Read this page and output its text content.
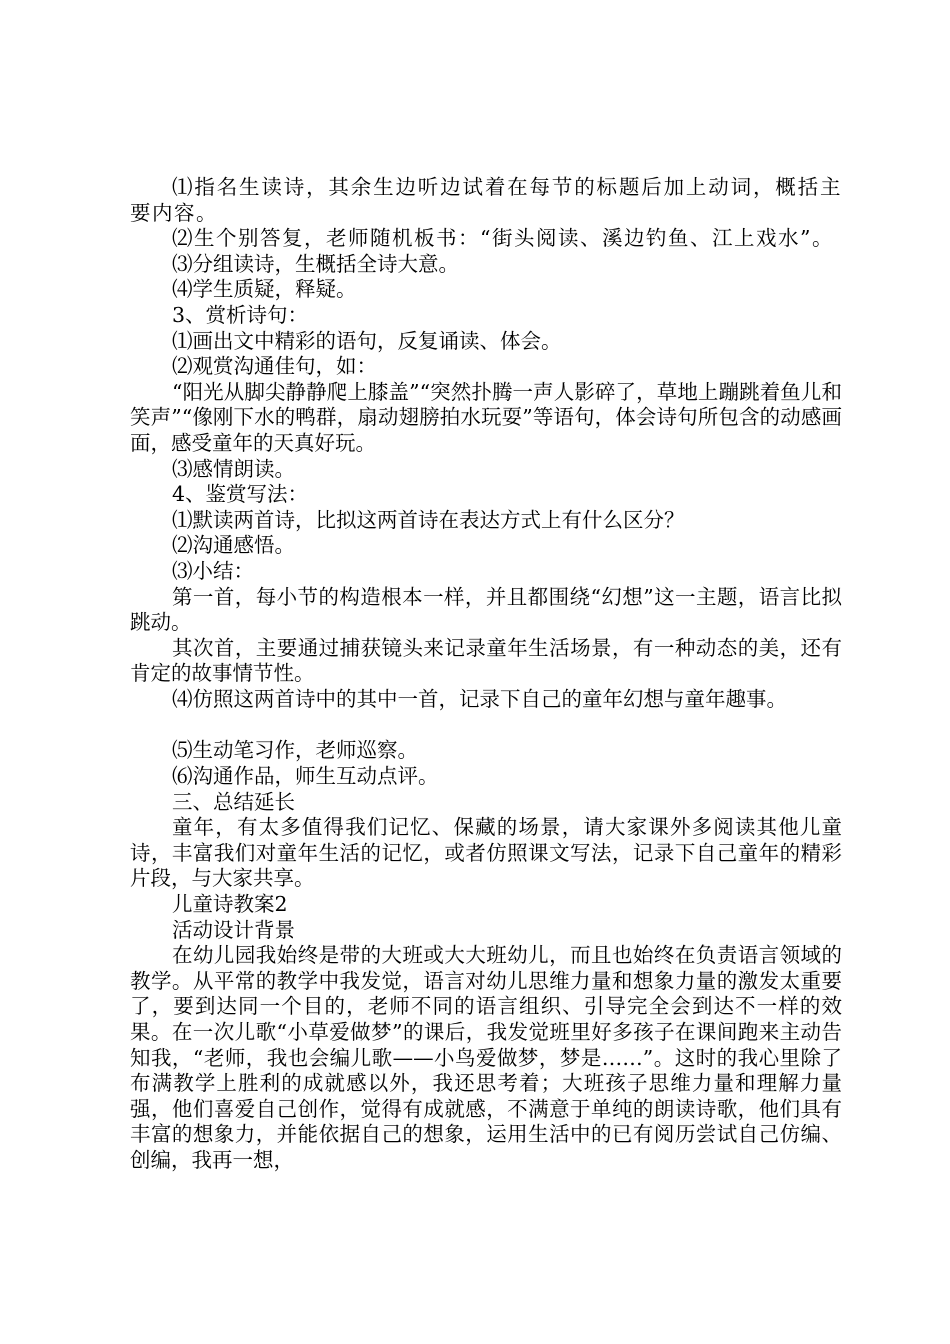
⑴指名生读诗，其余生边听边试着在每节的标题后加上动词，概括主要内容。

⑵生个别答复，老师随机板书：“街头阅读、溪边钓鱼、江上戏水”。

⑶分组读诗，生概括全诗大意。

⑷学生质疑，释疑。

3、赏析诗句：

⑴画出文中精彩的语句，反复诵读、体会。

⑵观赏沟通佳句，如：

“阳光从脚尖静静爬上膝盖”“突然扑腾一声人影碎了，草地上蹦跳着鱼儿和笑声”“像刚下水的鸭群，扇动翅膀拍水玩耍”等语句，体会诗句所包含的动感画面，感受童年的天真好玩。

⑶感情朗读。

4、鉴赏写法：

⑴默读两首诗，比拟这两首诗在表达方式上有什么区分？

⑵沟通感悟。

⑶小结：

第一首，每小节的构造根本一样，并且都围绕“幻想”这一主题，语言比拟跳动。

其次首，主要通过捕获镜头来记录童年生活场景，有一种动态的美，还有肯定的故事情节性。

⑷仿照这两首诗中的其中一首，记录下自己的童年幻想与童年趣事。

⑸生动笔习作，老师巡察。

⑹沟通作品，师生互动点评。

三、总结延长

童年，有太多值得我们记忆、保藏的场景，请大家课外多阅读其他儿童诗，丰富我们对童年生活的记忆，或者仿照课文写法，记录下自己童年的精彩片段，与大家共享。

儿童诗教案2

活动设计背景

在幼儿园我始终是带的大班或大大班幼儿，而且也始终在负责语言领域的教学。从平常的教学中我发觉，语言对幼儿思维力量和想象力量的激发太重要了，要到达同一个目的，老师不同的语言组织、引导完全会到达不一样的效果。在一次儿歌“小草爱做梦”的课后，我发觉班里好多孩子在课间跑来主动告知我，“老师，我也会编儿歌——小鸟爱做梦，梦是……”。这时的我心里除了布满教学上胜利的成就感以外，我还思考着；大班孩子思维力量和理解力量强，他们喜爱自己创作，觉得有成就感，不满意于单纯的朗读诗歌，他们具有丰富的想象力，并能依据自己的想象，运用生活中的已有阅历尝试自己仿编、创编，我再一想，
